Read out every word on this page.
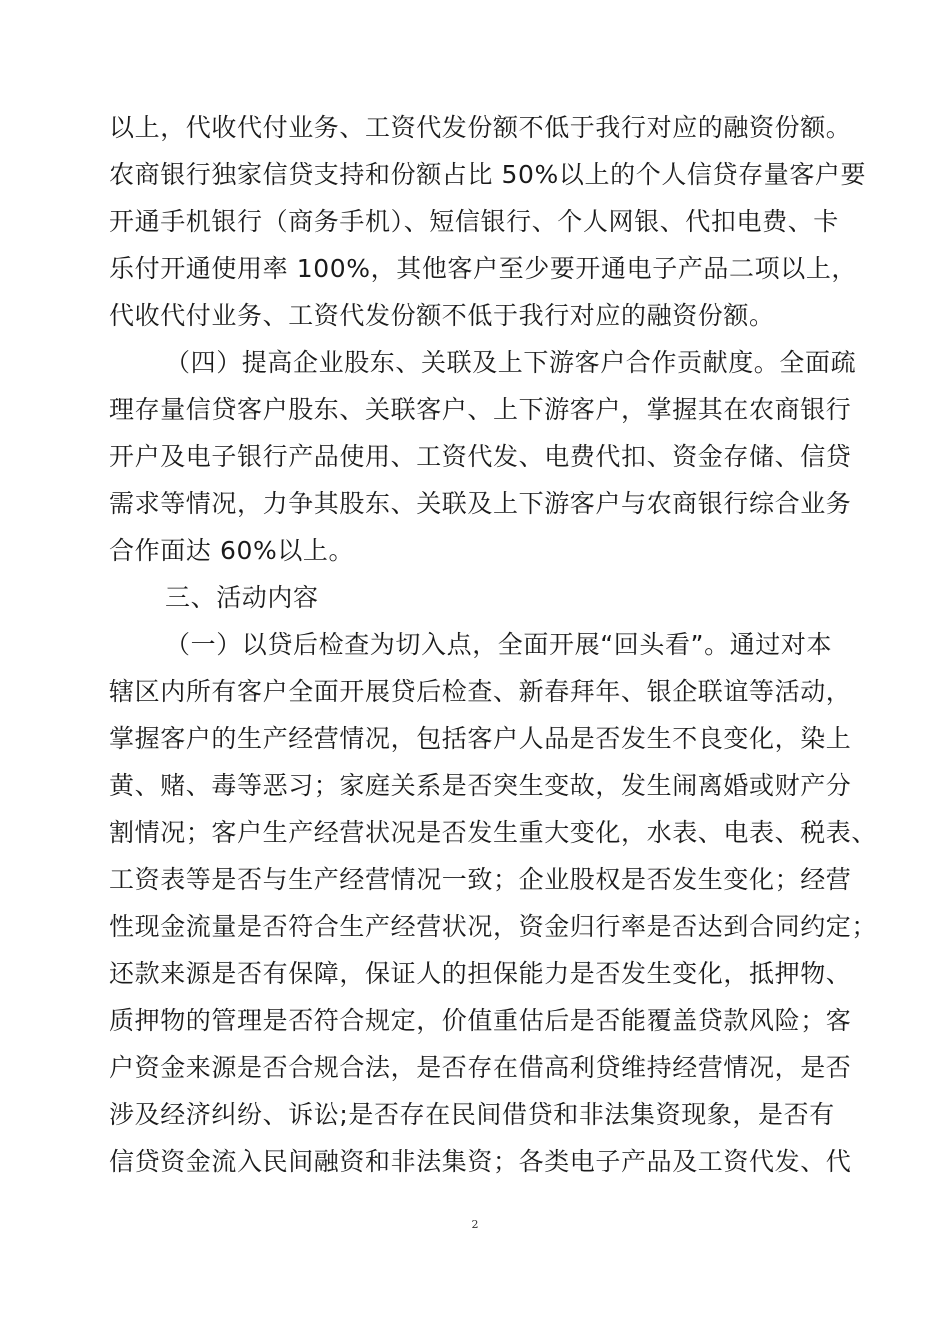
以上，代收代付业务、工资代发份额不低于我行对应的融资份额。
农商银行独家信贷支持和份额占比 50%以上的个人信贷存量客户要
开通手机银行（商务手机）、短信银行、个人网银、代扣电费、卡
乐付开通使用率 100%，其他客户至少要开通电子产品二项以上，
代收代付业务、工资代发份额不低于我行对应的融资份额。
（四）提高企业股东、关联及上下游客户合作贡献度。全面疏
理存量信贷客户股东、关联客户、上下游客户，掌握其在农商银行
开户及电子银行产品使用、工资代发、电费代扣、资金存储、信贷
需求等情况，力争其股东、关联及上下游客户与农商银行综合业务
合作面达 60%以上。
三、活动内容
（一）以贷后检查为切入点，全面开展“回头看”。通过对本
辖区内所有客户全面开展贷后检查、新春拜年、银企联谊等活动，
掌握客户的生产经营情况，包括客户人品是否发生不良变化，染上
黄、赌、毒等恶习；家庭关系是否突生变故，发生闹离婚或财产分
割情况；客户生产经营状况是否发生重大变化，水表、电表、税表、
工资表等是否与生产经营情况一致；企业股权是否发生变化；经营
性现金流量是否符合生产经营状况，资金归行率是否达到合同约定；
还款来源是否有保障，保证人的担保能力是否发生变化，抵押物、
质押物的管理是否符合规定，价值重估后是否能覆盖贷款风险；客
户资金来源是否合规合法，是否存在借高利贷维持经营情况，是否
涉及经济纠纷、诉讼;是否存在民间借贷和非法集资现象，是否有
信贷资金流入民间融资和非法集资；各类电子产品及工资代发、代
2
